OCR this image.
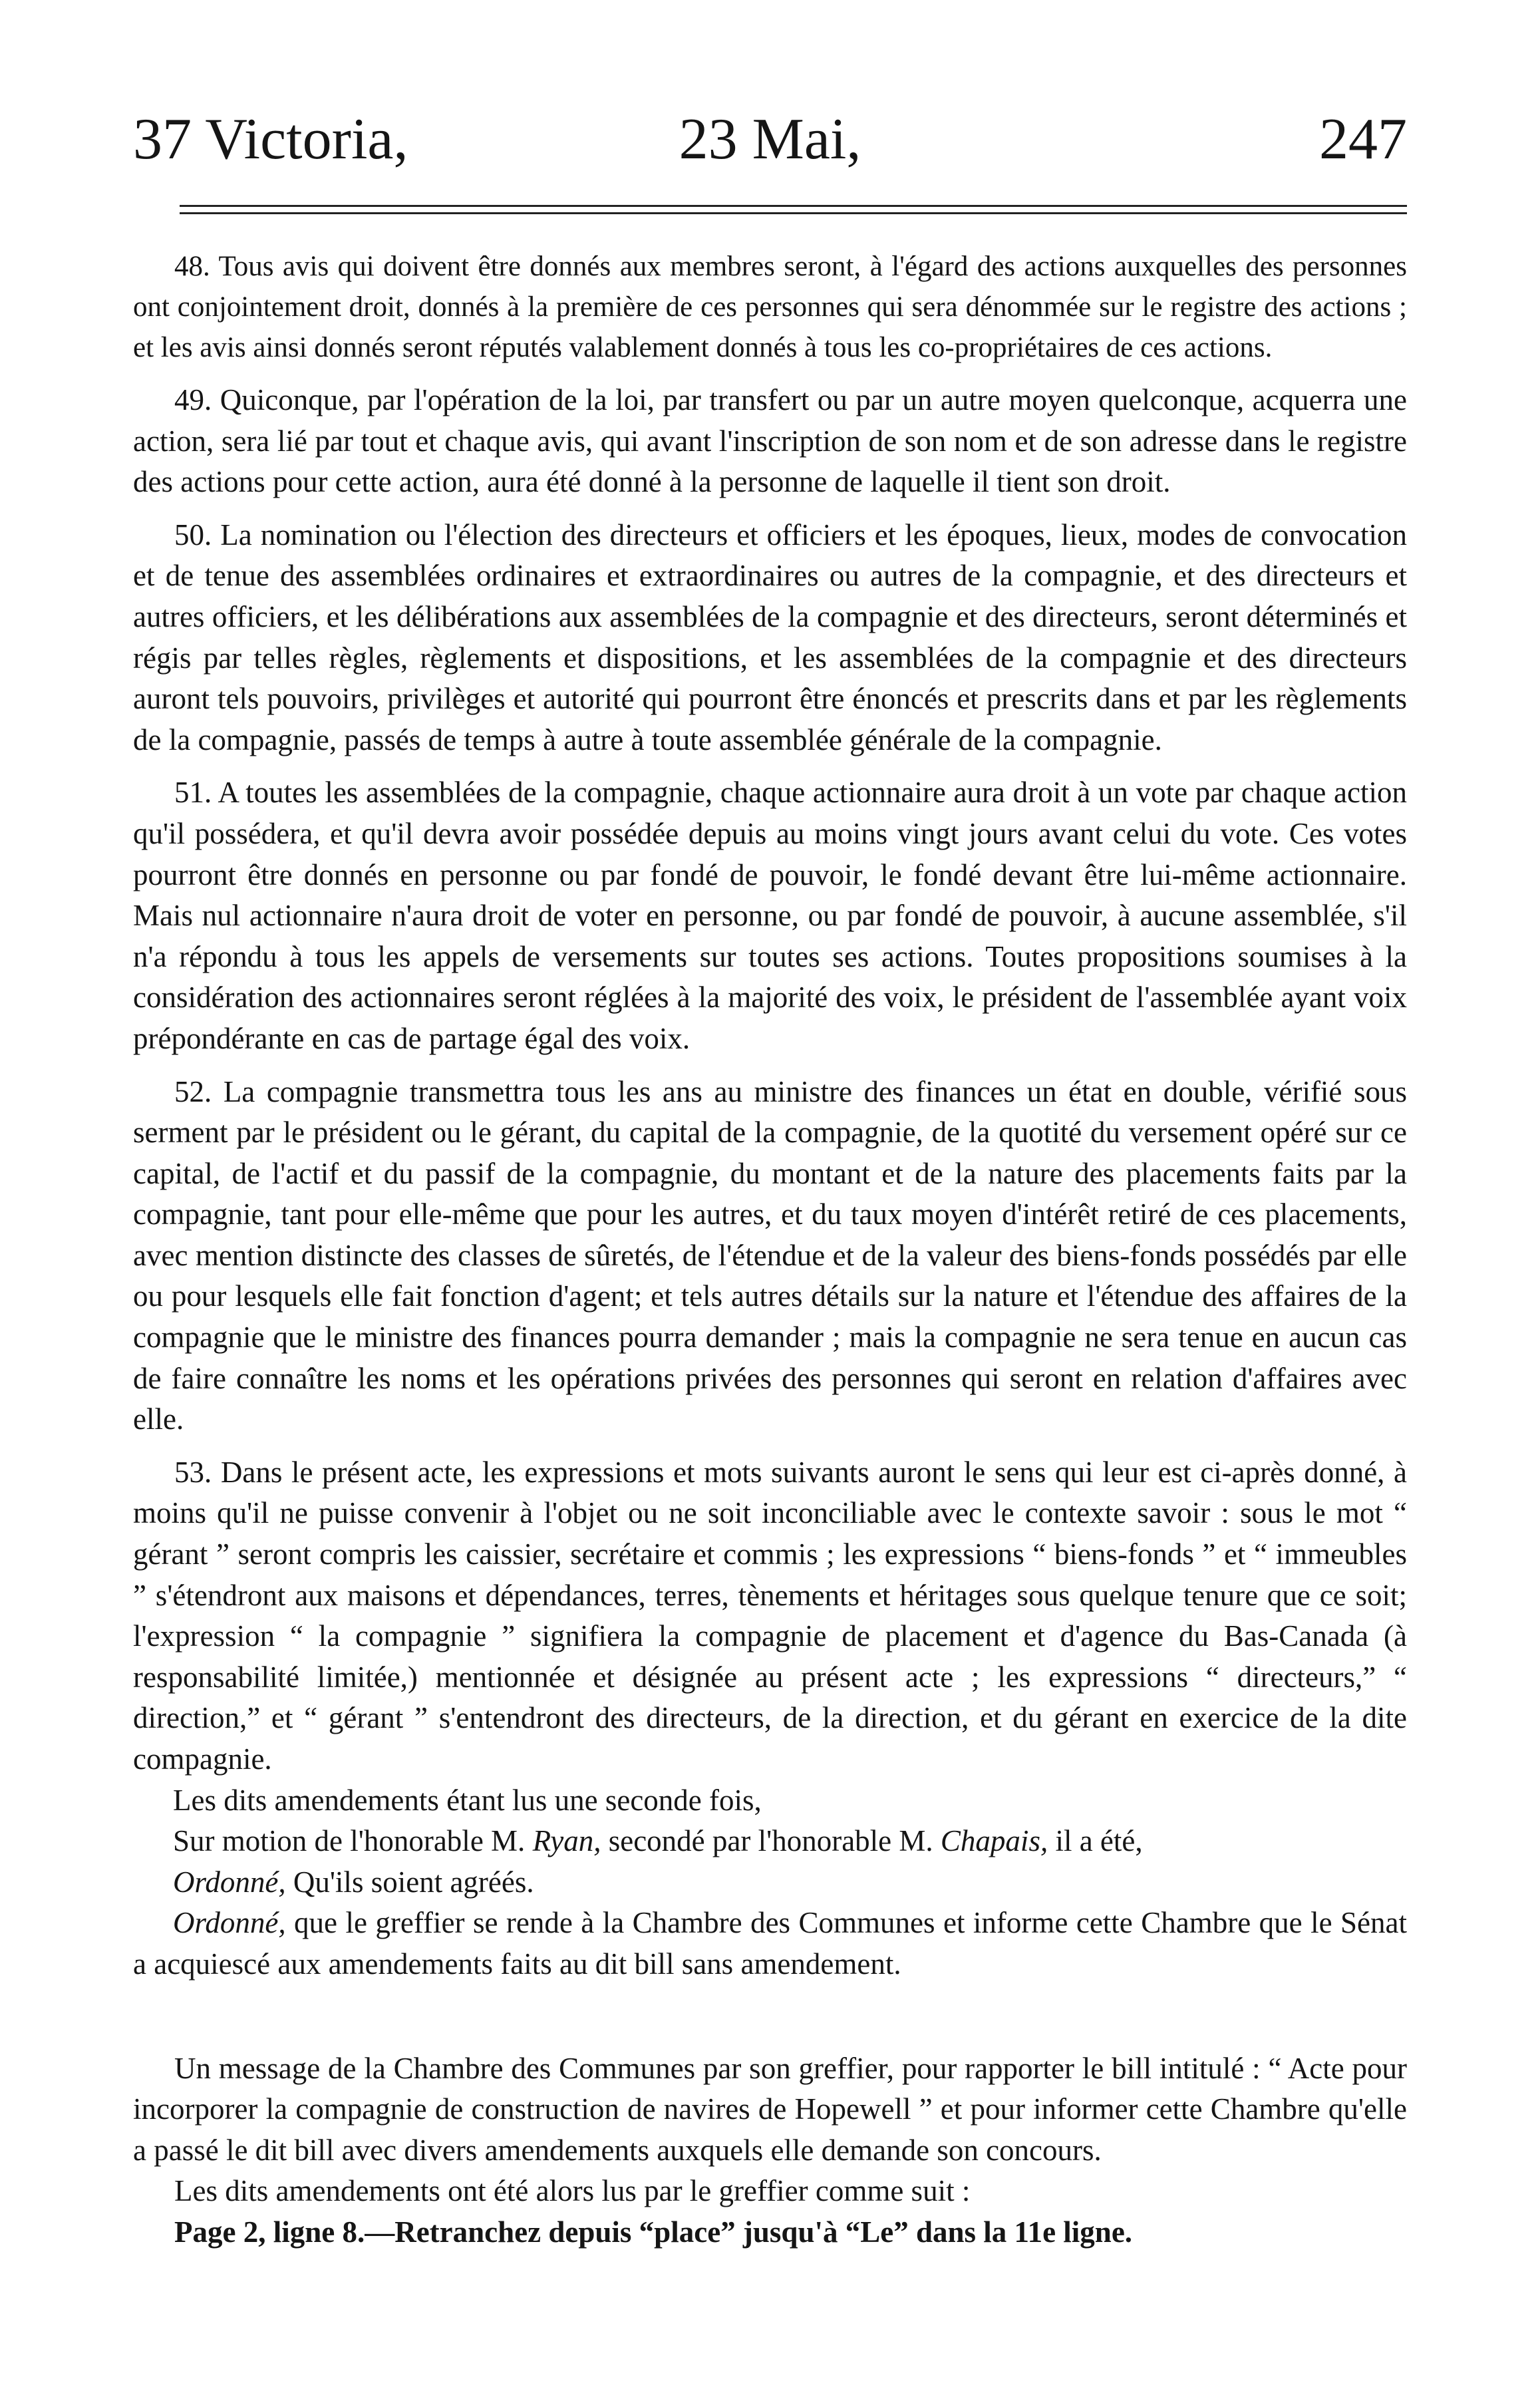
37 Victoria,	23 Mai,	247

48. Tous avis qui doivent être donnés aux membres seront, à l'égard des actions auxquelles des personnes ont conjointement droit, donnés à la première de ces personnes qui sera dénommée sur le registre des actions ; et les avis ainsi donnés seront réputés valablement donnés à tous les co-propriétaires de ces actions.

49. Quiconque, par l'opération de la loi, par transfert ou par un autre moyen quelconque, acquerra une action, sera lié par tout et chaque avis, qui avant l'inscription de son nom et de son adresse dans le registre des actions pour cette action, aura été donné à la personne de laquelle il tient son droit.

50. La nomination ou l'élection des directeurs et officiers et les époques, lieux, modes de convocation et de tenue des assemblées ordinaires et extraordinaires ou autres de la compagnie, et des directeurs et autres officiers, et les délibérations aux assemblées de la compagnie et des directeurs, seront déterminés et régis par telles règles, règlements et dispositions, et les assemblées de la compagnie et des directeurs auront tels pouvoirs, privilèges et autorité qui pourront être énoncés et prescrits dans et par les règlements de la compagnie, passés de temps à autre à toute assemblée générale de la compagnie.

51. A toutes les assemblées de la compagnie, chaque actionnaire aura droit à un vote par chaque action qu'il possédera, et qu'il devra avoir possédée depuis au moins vingt jours avant celui du vote. Ces votes pourront être donnés en personne ou par fondé de pouvoir, le fondé devant être lui-même actionnaire. Mais nul actionnaire n'aura droit de voter en personne, ou par fondé de pouvoir, à aucune assemblée, s'il n'a répondu à tous les appels de versements sur toutes ses actions. Toutes propositions soumises à la considération des actionnaires seront réglées à la majorité des voix, le président de l'assemblée ayant voix prépondérante en cas de partage égal des voix.

52. La compagnie transmettra tous les ans au ministre des finances un état en double, vérifié sous serment par le président ou le gérant, du capital de la compagnie, de la quotité du versement opéré sur ce capital, de l'actif et du passif de la compagnie, du montant et de la nature des placements faits par la compagnie, tant pour elle-même que pour les autres, et du taux moyen d'intérêt retiré de ces placements, avec mention distincte des classes de sûretés, de l'étendue et de la valeur des biens-fonds possédés par elle ou pour lesquels elle fait fonction d'agent; et tels autres détails sur la nature et l'étendue des affaires de la compagnie que le ministre des finances pourra demander ; mais la compagnie ne sera tenue en aucun cas de faire connaître les noms et les opérations privées des personnes qui seront en relation d'affaires avec elle.

53. Dans le présent acte, les expressions et mots suivants auront le sens qui leur est ci-après donné, à moins qu'il ne puisse convenir à l'objet ou ne soit inconciliable avec le contexte savoir : sous le mot “ gérant ” seront compris les caissier, secrétaire et commis ; les expressions “ biens-fonds ” et “ immeubles ” s'étendront aux maisons et dépendances, terres, tènements et héritages sous quelque tenure que ce soit; l'expression “ la compagnie ” signifiera la compagnie de placement et d'agence du Bas-Canada (à responsabilité limitée,) mentionnée et désignée au présent acte ; les expressions “ directeurs,” “ direction,” et “ gérant ” s'entendront des directeurs, de la direction, et du gérant en exercice de la dite compagnie.

Les dits amendements étant lus une seconde fois,

Sur motion de l'honorable M. Ryan, secondé par l'honorable M. Chapais, il a été,

Ordonné, Qu'ils soient agréés.

Ordonné, que le greffier se rende à la Chambre des Communes et informe cette Chambre que le Sénat a acquiescé aux amendements faits au dit bill sans amendement.

Un message de la Chambre des Communes par son greffier, pour rapporter le bill intitulé : “ Acte pour incorporer la compagnie de construction de navires de Hopewell ” et pour informer cette Chambre qu'elle a passé le dit bill avec divers amendements auxquels elle demande son concours.

Les dits amendements ont été alors lus par le greffier comme suit :

Page 2, ligne 8.—Retranchez depuis “place” jusqu'à “Le” dans la 11e ligne.
